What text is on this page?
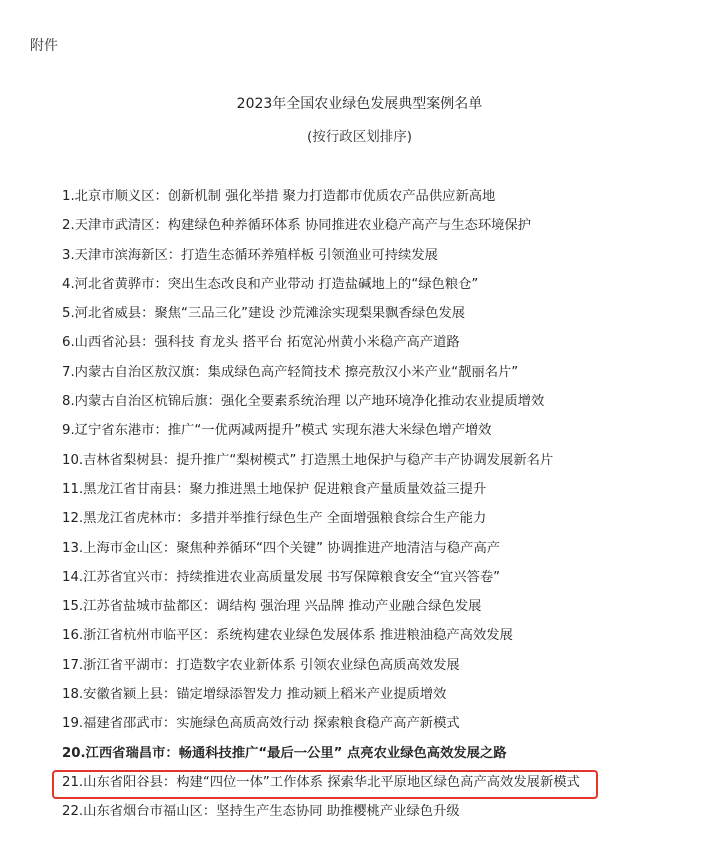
附件
2023年全国农业绿色发展典型案例名单
(按行政区划排序)
1.北京市顺义区：创新机制 强化举措 聚力打造都市优质农产品供应新高地
2.天津市武清区：构建绿色种养循环体系 协同推进农业稳产高产与生态环境保护
3.天津市滨海新区：打造生态循环养殖样板 引领渔业可持续发展
4.河北省黄骅市：突出生态改良和产业带动 打造盐碱地上的“绿色粮仓”
5.河北省威县：聚焦“三品三化”建设 沙荒滩涂实现梨果飘香绿色发展
6.山西省沁县：强科技 育龙头 搭平台 拓宽沁州黄小米稳产高产道路
7.内蒙古自治区敖汉旗：集成绿色高产轻简技术 擦亮敖汉小米产业“靓丽名片”
8.内蒙古自治区杭锦后旗：强化全要素系统治理 以产地环境净化推动农业提质增效
9.辽宁省东港市：推广“一优两减两提升”模式 实现东港大米绿色增产增效
10.吉林省梨树县：提升推广“梨树模式” 打造黑土地保护与稳产丰产协调发展新名片
11.黑龙江省甘南县：聚力推进黑土地保护 促进粮食产量质量效益三提升
12.黑龙江省虎林市：多措并举推行绿色生产 全面增强粮食综合生产能力
13.上海市金山区：聚焦种养循环“四个关键” 协调推进产地清洁与稳产高产
14.江苏省宜兴市：持续推进农业高质量发展 书写保障粮食安全“宜兴答卷”
15.江苏省盐城市盐都区：调结构 强治理 兴品牌 推动产业融合绿色发展
16.浙江省杭州市临平区：系统构建农业绿色发展体系 推进粮油稳产高效发展
17.浙江省平湖市：打造数字农业新体系 引领农业绿色高质高效发展
18.安徽省颍上县：锚定增绿添智发力 推动颍上稻米产业提质增效
19.福建省邵武市：实施绿色高质高效行动 探索粮食稳产高产新模式
20.江西省瑞昌市：畅通科技推广“最后一公里” 点亮农业绿色高效发展之路
21.山东省阳谷县：构建“四位一体”工作体系 探索华北平原地区绿色高产高效发展新模式
22.山东省烟台市福山区：坚持生产生态协同 助推樱桃产业绿色升级
